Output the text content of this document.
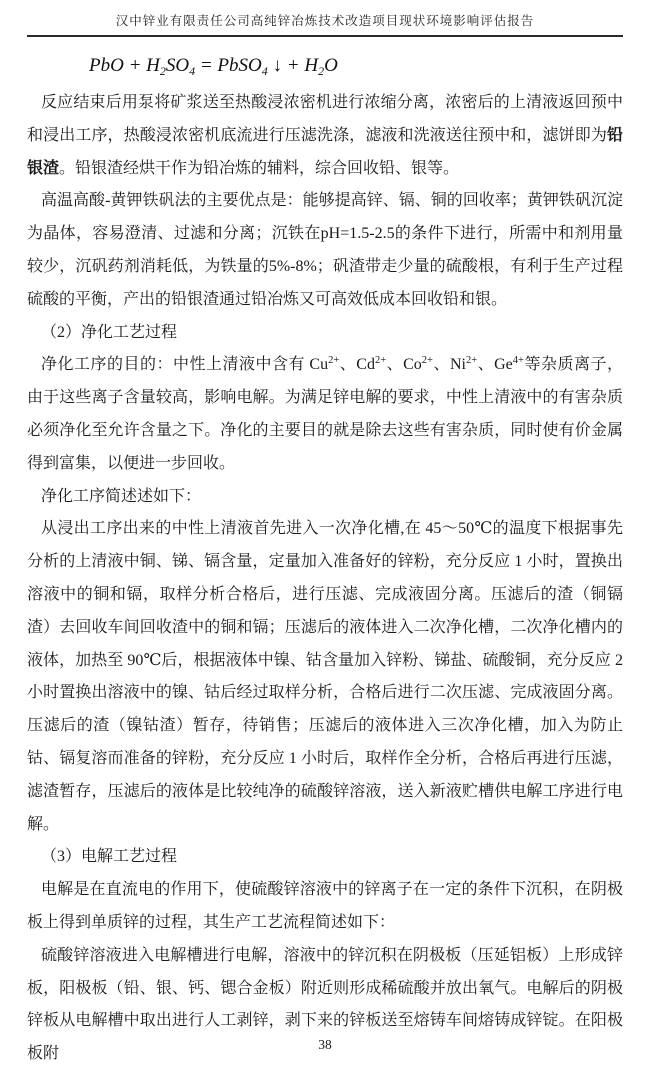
汉中锌业有限责任公司高纯锌冶炼技术改造项目现状环境影响评估报告

PbO + $H_2SO_4$ = PbSO$_4$ ↓ + $H_2O$

反应结束后用泵将矿浆送至热酸浸浓密机进行浓缩分离，浓密后的上清液返回预中和浸出工序，热酸浸浓密机底流进行压滤洗涤，滤液和洗液送往预中和，滤饼即为铅银渣。铅银渣经烘干作为铅冶炼的辅料，综合回收铅、银等。

高温高酸-黄钾铁矾法的主要优点是：能够提高锌、镉、铜的回收率；黄钾铁矾沉淀为晶体，容易澄清、过滤和分离；沉铁在pH=1.5-2.5的条件下进行，所需中和剂用量较少，沉矾药剂消耗低，为铁量的5%-8%；矾渣带走少量的硫酸根，有利于生产过程硫酸的平衡，产出的铅银渣通过铅冶炼又可高效低成本回收铅和银。

（2）净化工艺过程

净化工序的目的：中性上清液中含有 $Cu^{2+}$、$Cd^{2+}$、$Co^{2+}$、$Ni^{2+}$、$Ge^{4+}$等杂质离子，由于这些离子含量较高，影响电解。为满足锌电解的要求，中性上清液中的有害杂质必须净化至允许含量之下。净化的主要目的就是除去这些有害杂质，同时使有价金属得到富集，以便进一步回收。

净化工序简述述如下：

从浸出工序出来的中性上清液首先进入一次净化槽,在 45～50℃的温度下根据事先分析的上清液中铜、锑、镉含量，定量加入准备好的锌粉，充分反应 1 小时，置换出溶液中的铜和镉，取样分析合格后，进行压滤、完成液固分离。压滤后的渣（铜镉渣）去回收车间回收渣中的铜和镉；压滤后的液体进入二次净化槽，二次净化槽内的液体，加热至 90℃后，根据液体中镍、钴含量加入锌粉、锑盐、硫酸铜，充分反应 2 小时置换出溶液中的镍、钴后经过取样分析，合格后进行二次压滤、完成液固分离。压滤后的渣（镍钴渣）暂存，待销售；压滤后的液体进入三次净化槽，加入为防止钴、镉复溶而准备的锌粉，充分反应 1 小时后，取样作全分析，合格后再进行压滤，滤渣暂存，压滤后的液体是比较纯净的硫酸锌溶液，送入新液贮槽供电解工序进行电解。

（3）电解工艺过程

电解是在直流电的作用下，使硫酸锌溶液中的锌离子在一定的条件下沉积，在阴极板上得到单质锌的过程，其生产工艺流程简述如下：

硫酸锌溶液进入电解槽进行电解，溶液中的锌沉积在阴极板（压延铝板）上形成锌板，阳极板（铅、银、钙、锶合金板）附近则形成稀硫酸并放出氧气。电解后的阴极锌板从电解槽中取出进行人工剥锌，剥下来的锌板送至熔铸车间熔铸成锌锭。在阳极板附

38
